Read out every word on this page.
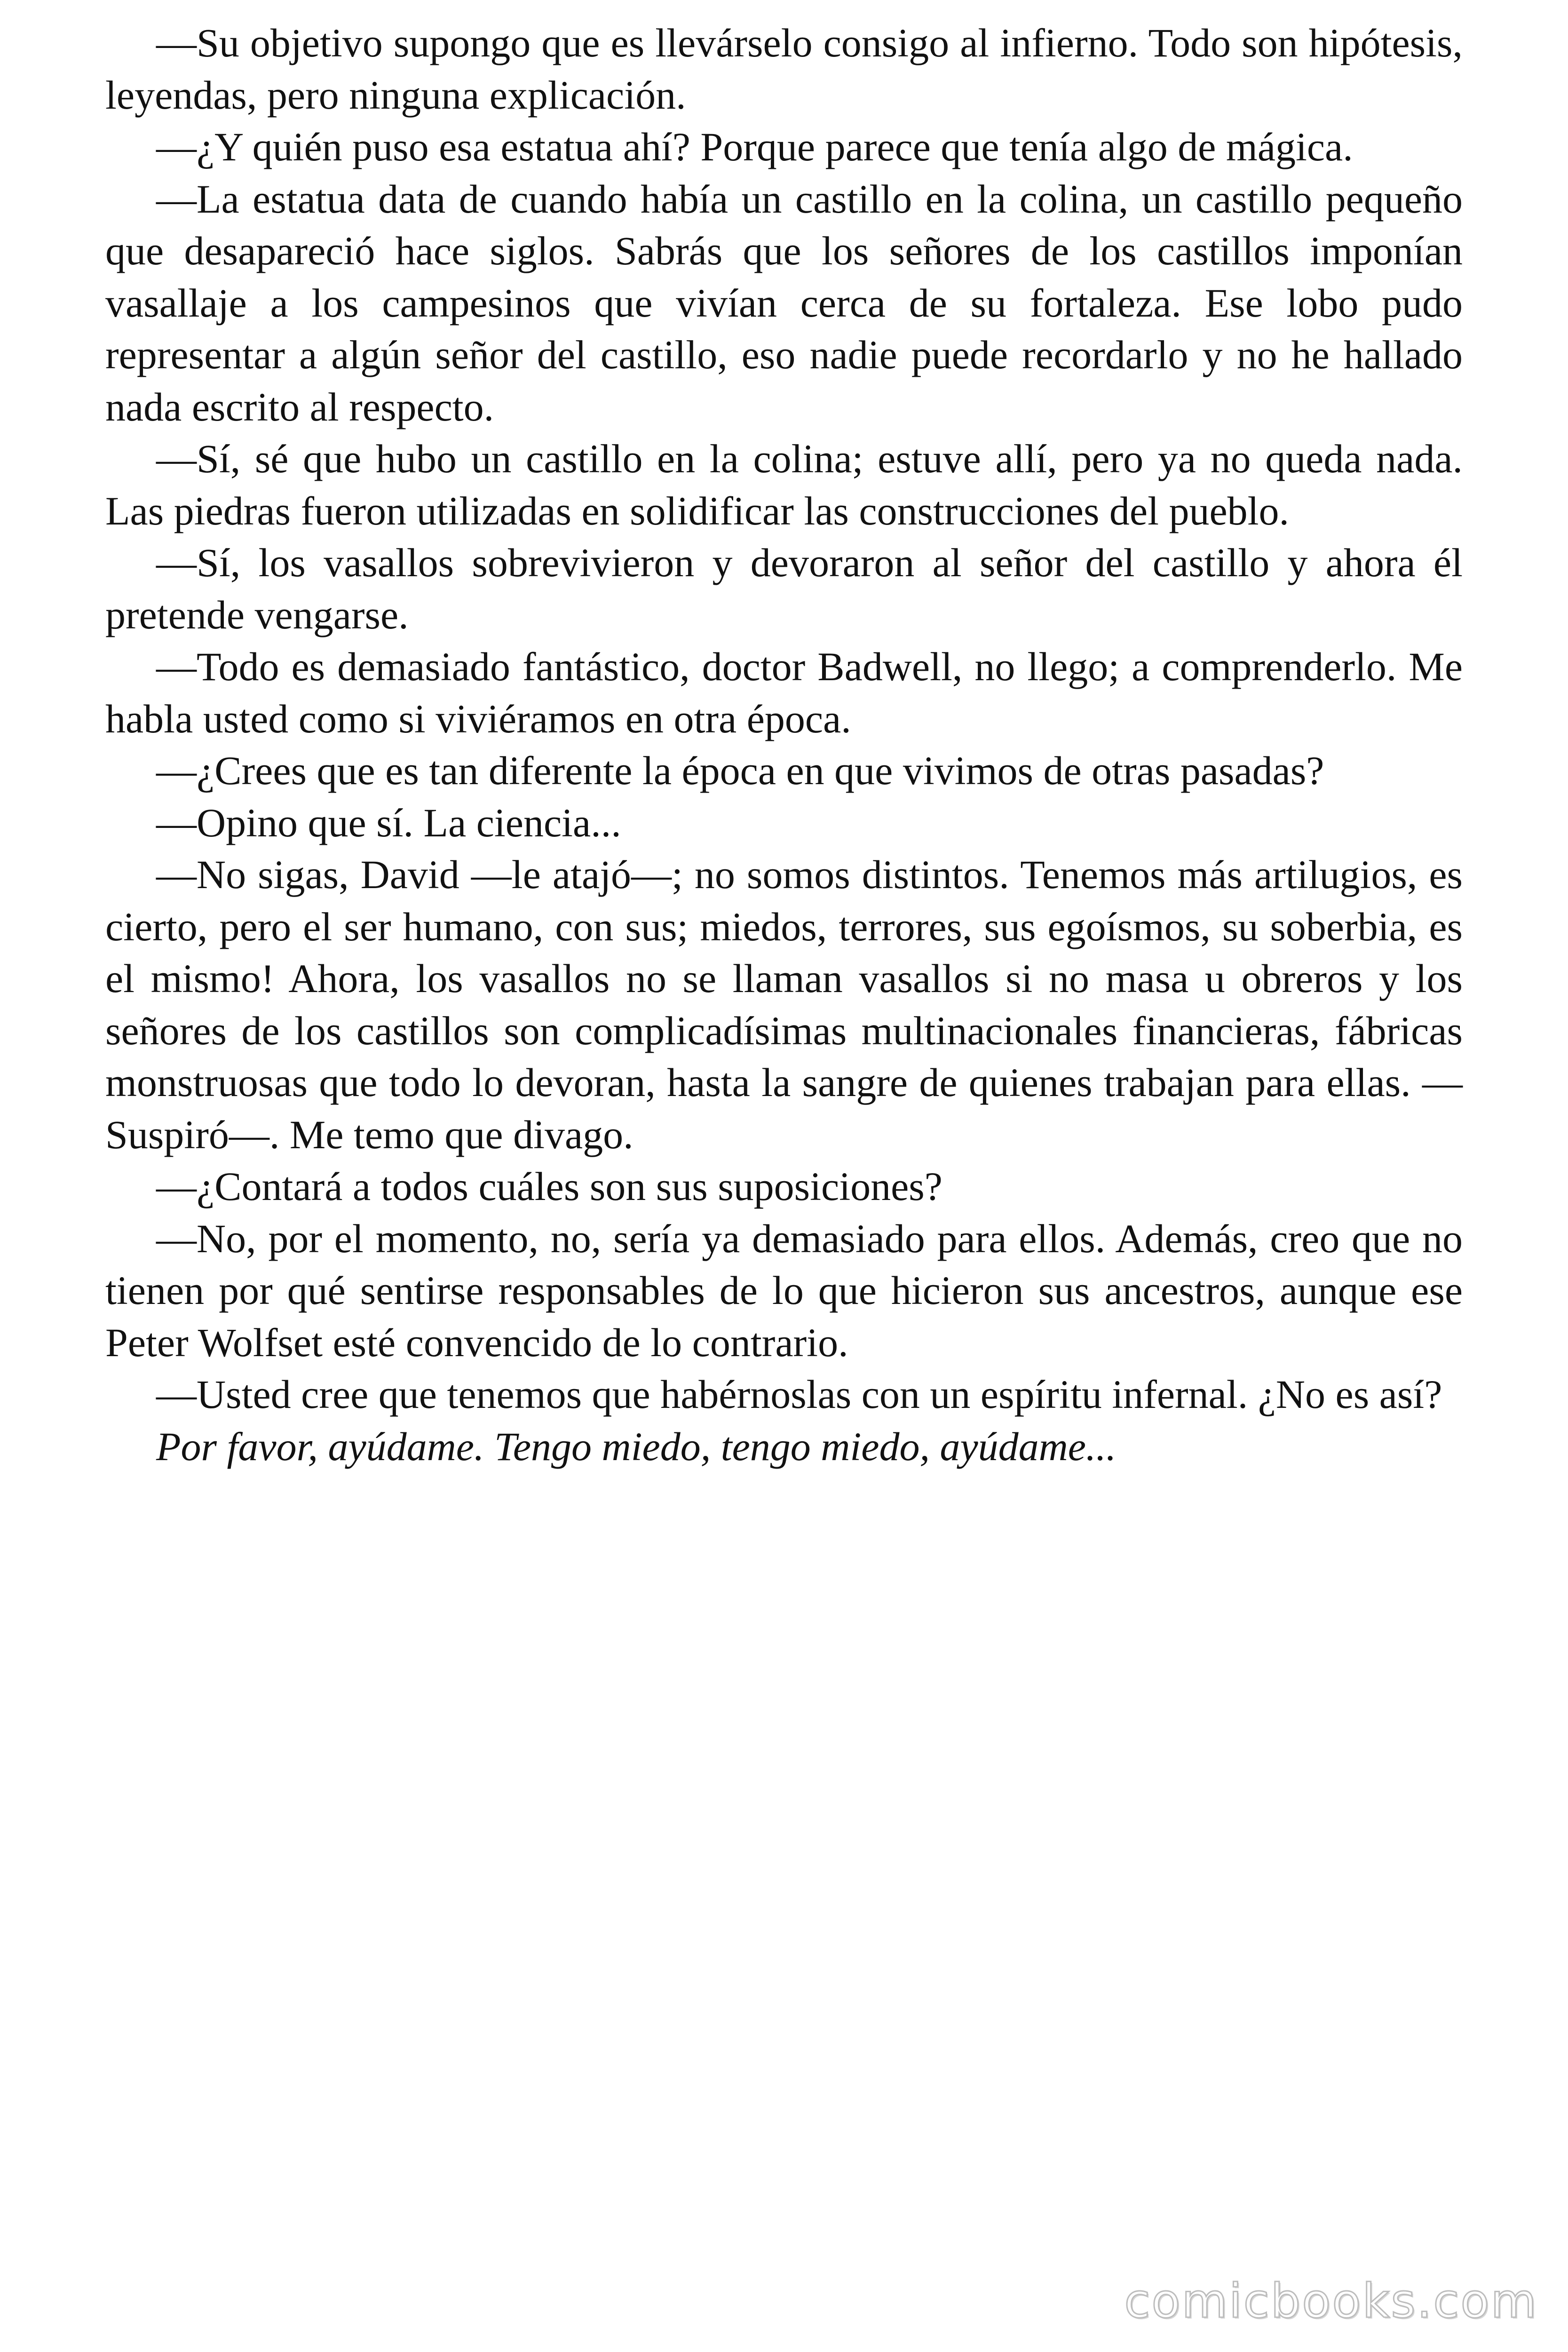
—Su objetivo supongo que es llevárselo consigo al infierno. Todo son hipótesis, leyendas, pero ninguna explicación.

—¿Y quién puso esa estatua ahí? Porque parece que tenía algo de mágica.

—La estatua data de cuando había un castillo en la colina, un castillo pequeño que desapareció hace siglos. Sabrás que los señores de los castillos imponían vasallaje a los campesinos que vivían cerca de su fortaleza. Ese lobo pudo representar a algún señor del castillo, eso nadie puede recordarlo y no he hallado nada escrito al respecto.

—Sí, sé que hubo un castillo en la colina; estuve allí, pero ya no queda nada. Las piedras fueron utilizadas en solidificar las construcciones del pueblo.

—Sí, los vasallos sobrevivieron y devoraron al señor del castillo y ahora él pretende vengarse.

—Todo es demasiado fantástico, doctor Badwell, no llego; a comprenderlo. Me habla usted como si viviéramos en otra época.

—¿Crees que es tan diferente la época en que vivimos de otras pasadas?

—Opino que sí. La ciencia...

—No sigas, David —le atajó—; no somos distintos. Tenemos más artilugios, es cierto, pero el ser humano, con sus; miedos, terrores, sus egoísmos, su soberbia, es el mismo! Ahora, los vasallos no se llaman vasallos si no masa u obreros y los señores de los castillos son complicadísimas multinacionales financieras, fábricas monstruosas que todo lo devoran, hasta la sangre de quienes trabajan para ellas. —Suspiró—. Me temo que divago.

—¿Contará a todos cuáles son sus suposiciones?

—No, por el momento, no, sería ya demasiado para ellos. Además, creo que no tienen por qué sentirse responsables de lo que hicieron sus ancestros, aunque ese Peter Wolfset esté convencido de lo contrario.

—Usted cree que tenemos que habérnoslas con un espíritu infernal. ¿No es así?

Por favor, ayúdame. Tengo miedo, tengo miedo, ayúdame...

comicbooks.com
